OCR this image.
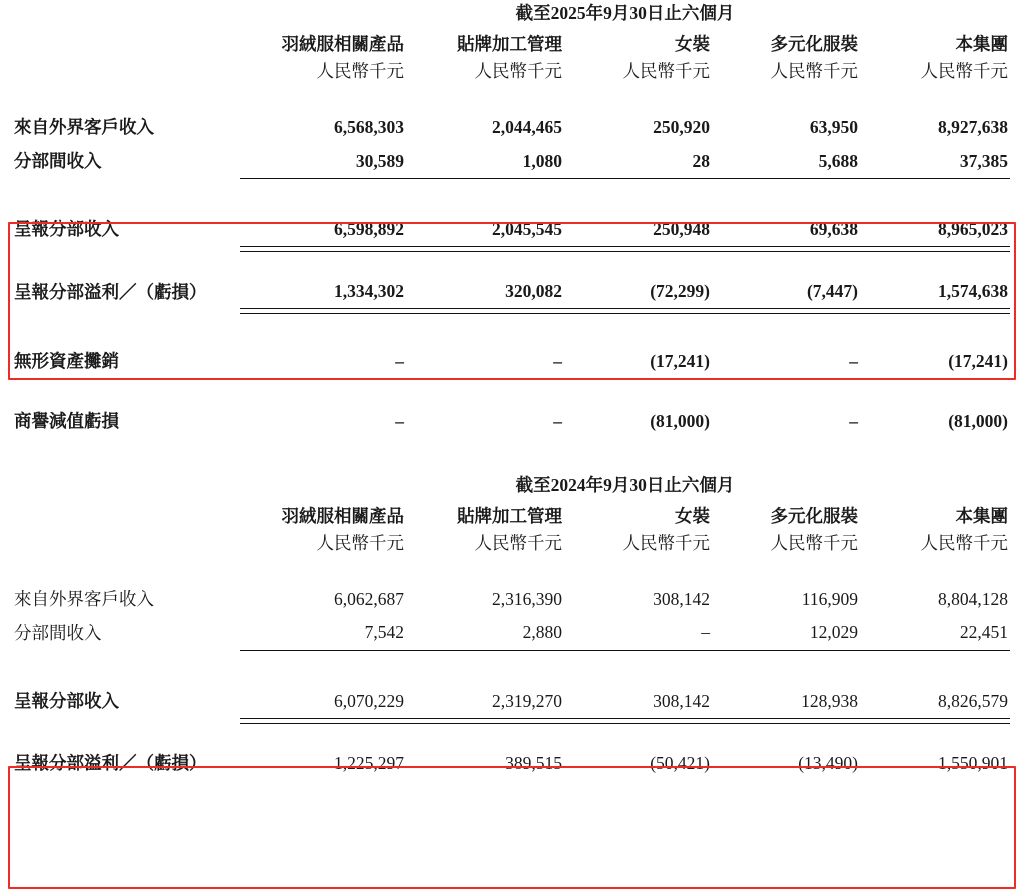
	截至2025年9月30日止六個月				
	羽絨服相關產品	貼牌加工管理	女裝	多元化服裝	本集團
	人民幣千元	人民幣千元	人民幣千元	人民幣千元	人民幣千元

來自外界客戶收入	6,568,303	2,044,465	250,920	63,950	8,927,638
分部間收入	30,589	1,080	28	5,688	37,385

呈報分部收入	6,598,892	2,045,545	250,948	69,638	8,965,023

呈報分部溢利／（虧損）	1,334,302	320,082	(72,299)	(7,447)	1,574,638

無形資產攤銷	–	–	(17,241)	–	(17,241)

商譽減值虧損	–	–	(81,000)	–	(81,000)

	截至2024年9月30日止六個月				
	羽絨服相關產品	貼牌加工管理	女裝	多元化服裝	本集團
	人民幣千元	人民幣千元	人民幣千元	人民幣千元	人民幣千元

來自外界客戶收入	6,062,687	2,316,390	308,142	116,909	8,804,128
分部間收入	7,542	2,880	–	12,029	22,451

呈報分部收入	6,070,229	2,319,270	308,142	128,938	8,826,579

呈報分部溢利／（虧損）	1,225,297	389,515	(50,421)	(13,490)	1,550,901
